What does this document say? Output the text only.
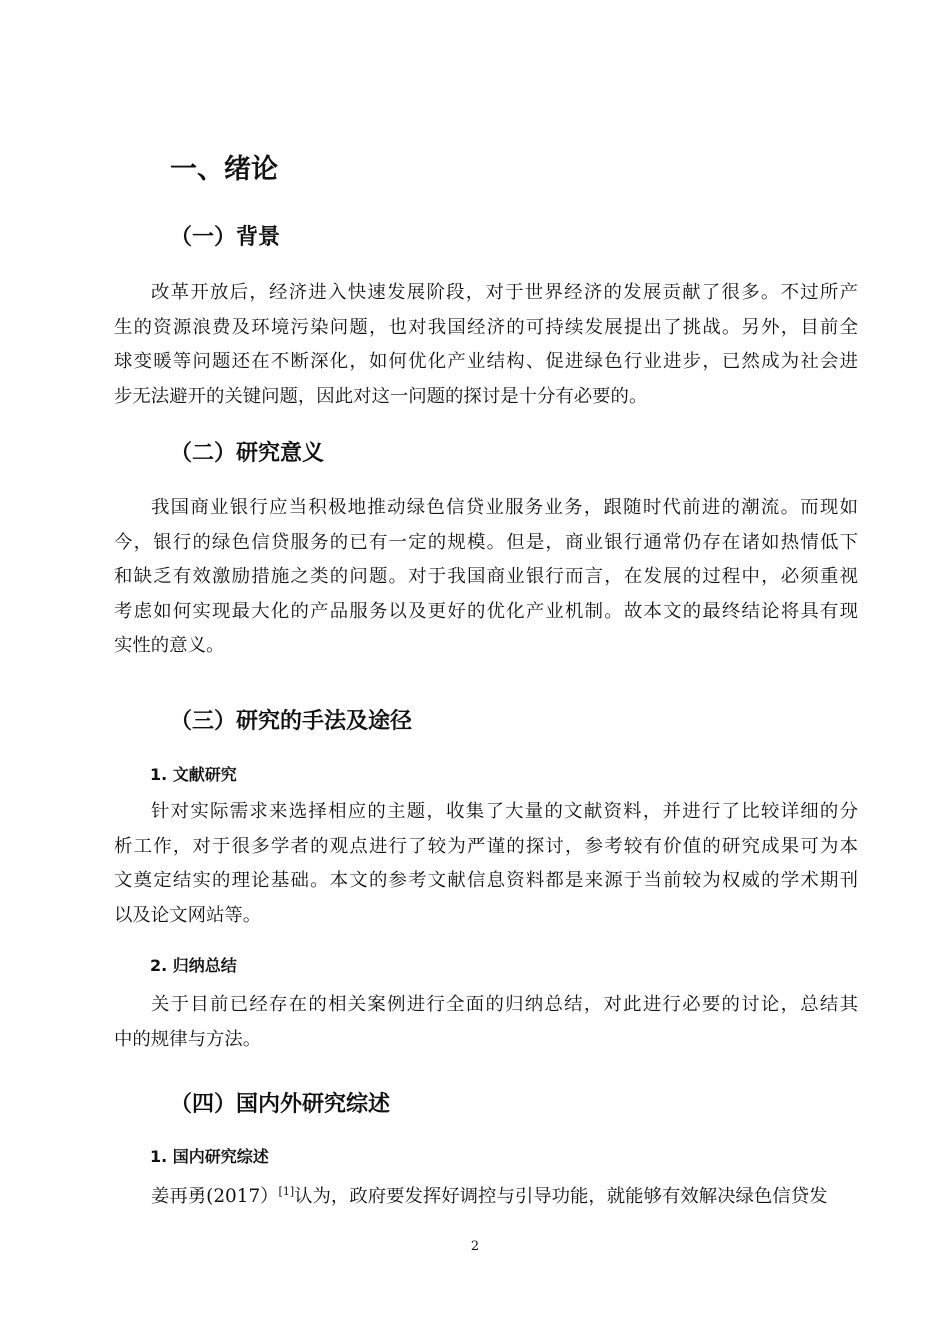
一、绪论
（一）背景
改革开放后，经济进入快速发展阶段，对于世界经济的发展贡献了很多。不过所产
生的资源浪费及环境污染问题，也对我国经济的可持续发展提出了挑战。另外，目前全
球变暖等问题还在不断深化，如何优化产业结构、促进绿色行业进步，已然成为社会进
步无法避开的关键问题，因此对这一问题的探讨是十分有必要的。
（二）研究意义
我国商业银行应当积极地推动绿色信贷业服务业务，跟随时代前进的潮流。而现如
今，银行的绿色信贷服务的已有一定的规模。但是，商业银行通常仍存在诸如热情低下
和缺乏有效激励措施之类的问题。对于我国商业银行而言，在发展的过程中，必须重视
考虑如何实现最大化的产品服务以及更好的优化产业机制。故本文的最终结论将具有现
实性的意义。
（三）研究的手法及途径
1. 文献研究
针对实际需求来选择相应的主题，收集了大量的文献资料，并进行了比较详细的分
析工作，对于很多学者的观点进行了较为严谨的探讨，参考较有价值的研究成果可为本
文奠定结实的理论基础。本文的参考文献信息资料都是来源于当前较为权威的学术期刊
以及论文网站等。
2. 归纳总结
关于目前已经存在的相关案例进行全面的归纳总结，对此进行必要的讨论，总结其
中的规律与方法。
（四）国内外研究综述
1. 国内研究综述
姜再勇(2017）[1]认为，政府要发挥好调控与引导功能，就能够有效解决绿色信贷发
2
